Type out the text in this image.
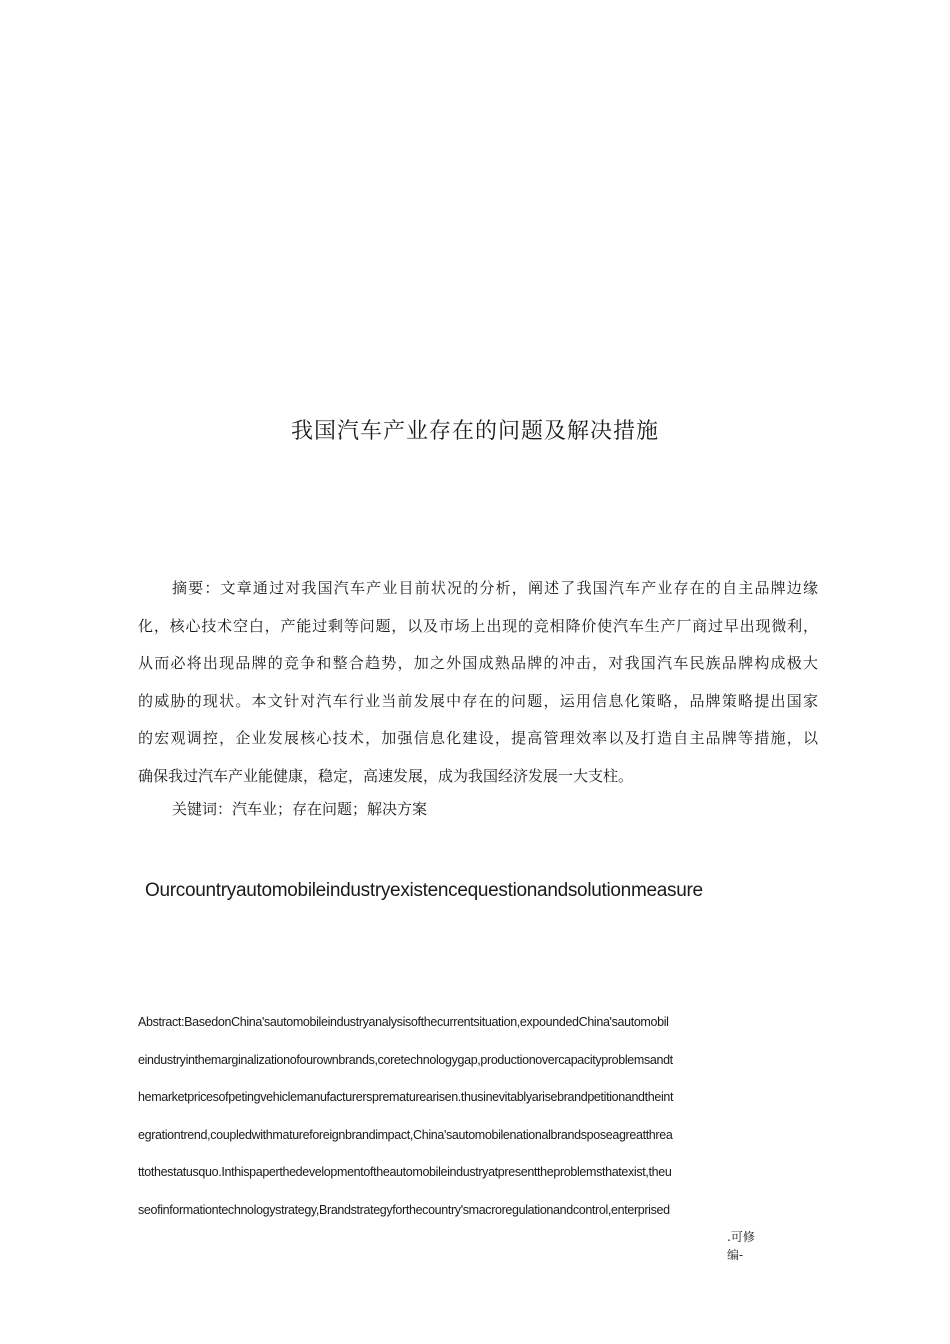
我国汽车产业存在的问题及解决措施
摘要：文章通过对我国汽车产业目前状况的分析，阐述了我国汽车产业存在的自主品牌边缘
化，核心技术空白，产能过剩等问题，以及市场上出现的竞相降价使汽车生产厂商过早出现微利，
从而必将出现品牌的竞争和整合趋势，加之外国成熟品牌的冲击，对我国汽车民族品牌构成极大
的威胁的现状。本文针对汽车行业当前发展中存在的问题，运用信息化策略，品牌策略提出国家
的宏观调控，企业发展核心技术，加强信息化建设，提高管理效率以及打造自主品牌等措施，以
确保我过汽车产业能健康，稳定，高速发展，成为我国经济发展一大支柱。
关键词：汽车业；存在问题；解决方案
Ourcountryautomobileindustryexistencequestionandsolutionmeasure
Abstract:BasedonChina'sautomobileindustryanalysisofthecurrentsituation,expoundedChina'sautomobil
eindustryinthemarginalizationofourownbrands,coretechnologygap,productionovercapacityproblemsandt
hemarketpricesofpetingvehiclemanufacturersprematurearisen.thusinevitablyarisebrandpetitionandtheint
egrationtrend,coupledwithmatureforeignbrandimpact,China'sautomobilenationalbrandsposeagreatthrea
ttothestatusquo.Inthispaperthedevelopmentoftheautomobileindustryatpresenttheproblemsthatexist,theu
seofinformationtechnologystrategy,Brandstrategyforthecountry'smacroregulationandcontrol,enterprised
.可修
编-
